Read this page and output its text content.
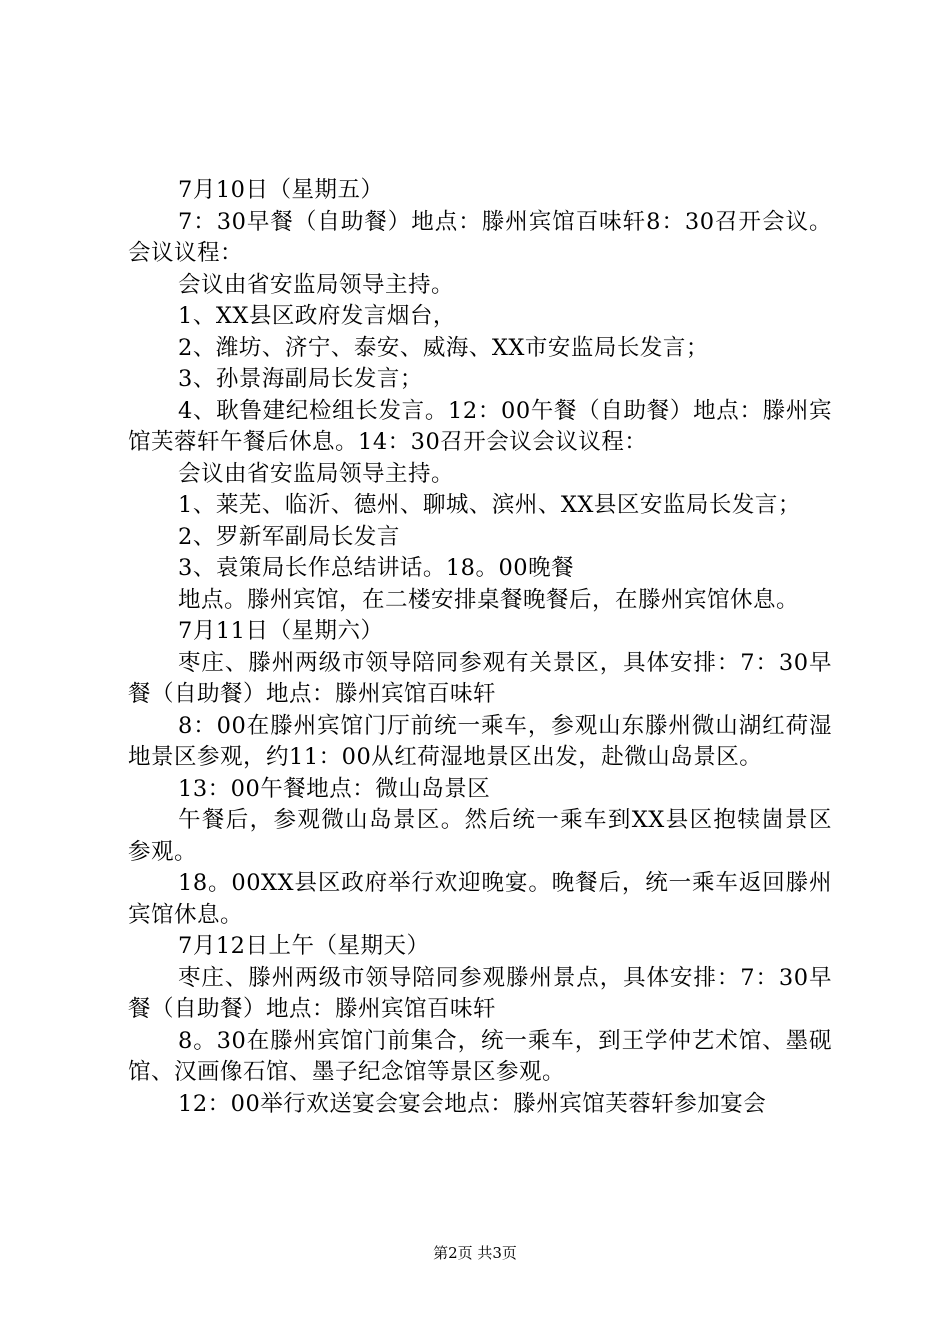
7月10日（星期五）

7：30早餐（自助餐）地点：滕州宾馆百味轩8：30召开会议。会议议程：

会议由省安监局领导主持。

1、XX县区政府发言烟台，

2、潍坊、济宁、泰安、威海、XX市安监局长发言；

3、孙景海副局长发言；

4、耿鲁建纪检组长发言。12：00午餐（自助餐）地点：滕州宾馆芙蓉轩午餐后休息。14：30召开会议会议议程：

会议由省安监局领导主持。

1、莱芜、临沂、德州、聊城、滨州、XX县区安监局长发言；

2、罗新军副局长发言

3、袁策局长作总结讲话。18。00晚餐

地点。滕州宾馆，在二楼安排桌餐晚餐后，在滕州宾馆休息。

7月11日（星期六）

枣庄、滕州两级市领导陪同参观有关景区，具体安排：7：30早餐（自助餐）地点：滕州宾馆百味轩

8：00在滕州宾馆门厅前统一乘车，参观山东滕州微山湖红荷湿地景区参观，约11：00从红荷湿地景区出发，赴微山岛景区。

13：00午餐地点：微山岛景区

午餐后，参观微山岛景区。然后统一乘车到XX县区抱犊崮景区参观。

18。00XX县区政府举行欢迎晚宴。晚餐后，统一乘车返回滕州宾馆休息。

7月12日上午（星期天）

枣庄、滕州两级市领导陪同参观滕州景点，具体安排：7：30早餐（自助餐）地点：滕州宾馆百味轩

8。30在滕州宾馆门前集合，统一乘车，到王学仲艺术馆、墨砚馆、汉画像石馆、墨子纪念馆等景区参观。

12：00举行欢送宴会宴会地点：滕州宾馆芙蓉轩参加宴会

第2页 共3页
